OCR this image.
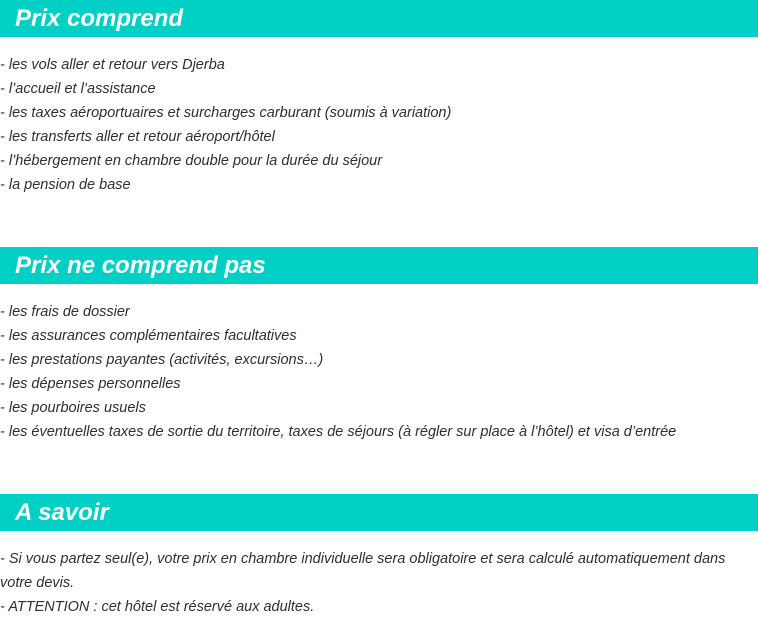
Prix comprend
- les vols aller et retour vers Djerba
- l’accueil et l’assistance
- les taxes aéroportuaires et surcharges carburant (soumis à variation)
- les transferts aller et retour aéroport/hôtel
- l’hébergement en chambre double pour la durée du séjour
- la pension de base
Prix ne comprend pas
- les frais de dossier
- les assurances complémentaires facultatives
- les prestations payantes (activités, excursions…)
- les dépenses personnelles
- les pourboires usuels
- les éventuelles taxes de sortie du territoire, taxes de séjours (à régler sur place à l’hôtel) et visa d’entrée
A savoir

- Si vous partez seul(e), votre prix en chambre individuelle sera obligatoire et sera calculé automatiquement dans votre devis.

- ATTENTION : cet hôtel est réservé aux adultes.
